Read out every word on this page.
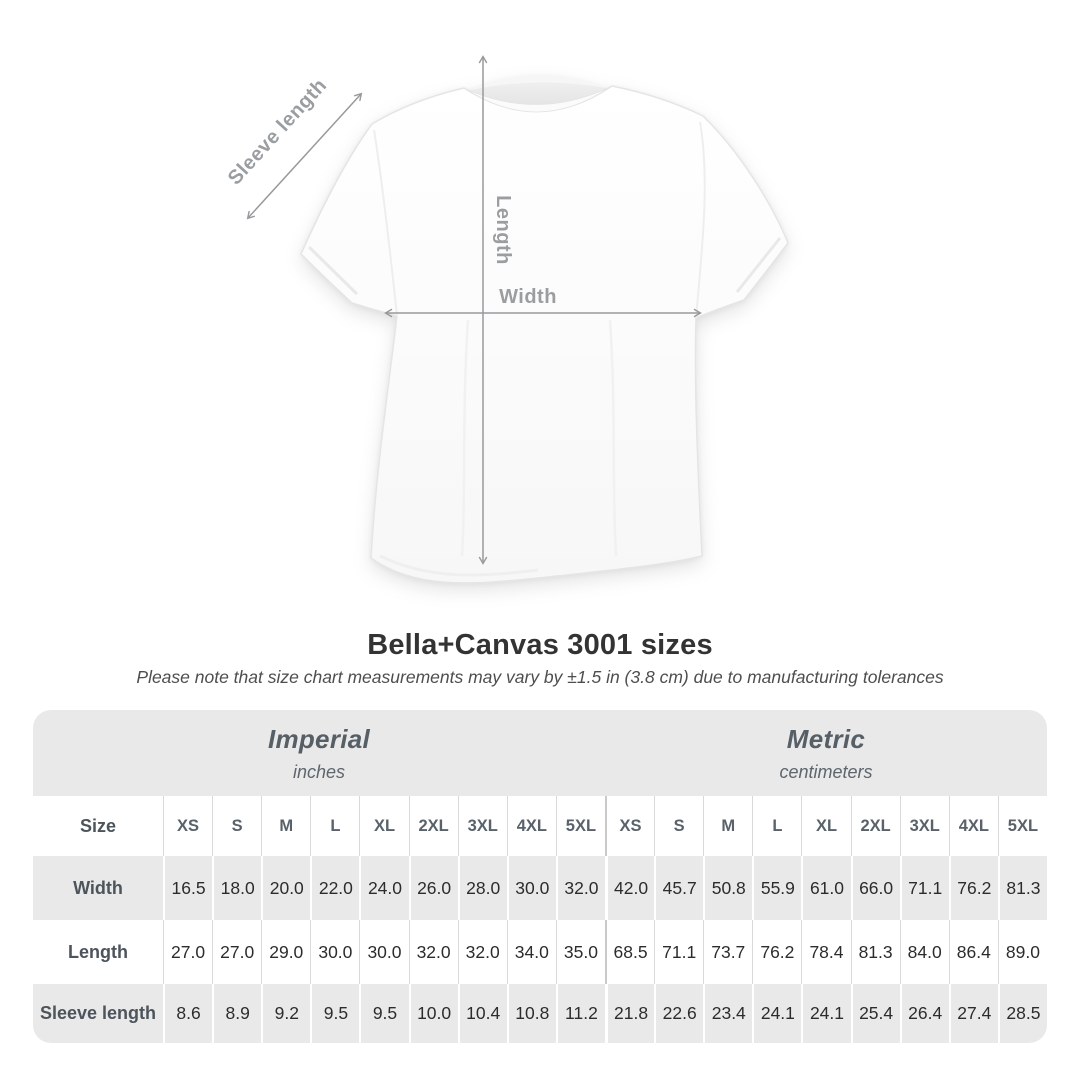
Sleeve length
Length
Width
Bella+Canvas 3001 sizes
Please note that size chart measurements may vary by ±1.5 in (3.8 cm) due to manufacturing tolerances
Imperial
inches
Metric
centimeters
Size	XS	S	M	L	XL	2XL	3XL	4XL	5XL	XS	S	M	L	XL	2XL	3XL	4XL	5XL
Width	16.5 18.0 20.0 22.0 24.0 26.0 28.0 30.0 32.0 42.0 45.7 50.8 55.9 61.0 66.0 71.1 76.2 81.3
Length	27.0 27.0 29.0 30.0 30.0 32.0 32.0 34.0 35.0 68.5 71.1 73.7 76.2 78.4 81.3 84.0 86.4 89.0
Sleeve length	8.6	8.9	9.2	9.5	9.5	10.0 10.4 10.8 11.2 21.8 22.6 23.4 24.1 24.1 25.4 26.4 27.4 28.5
